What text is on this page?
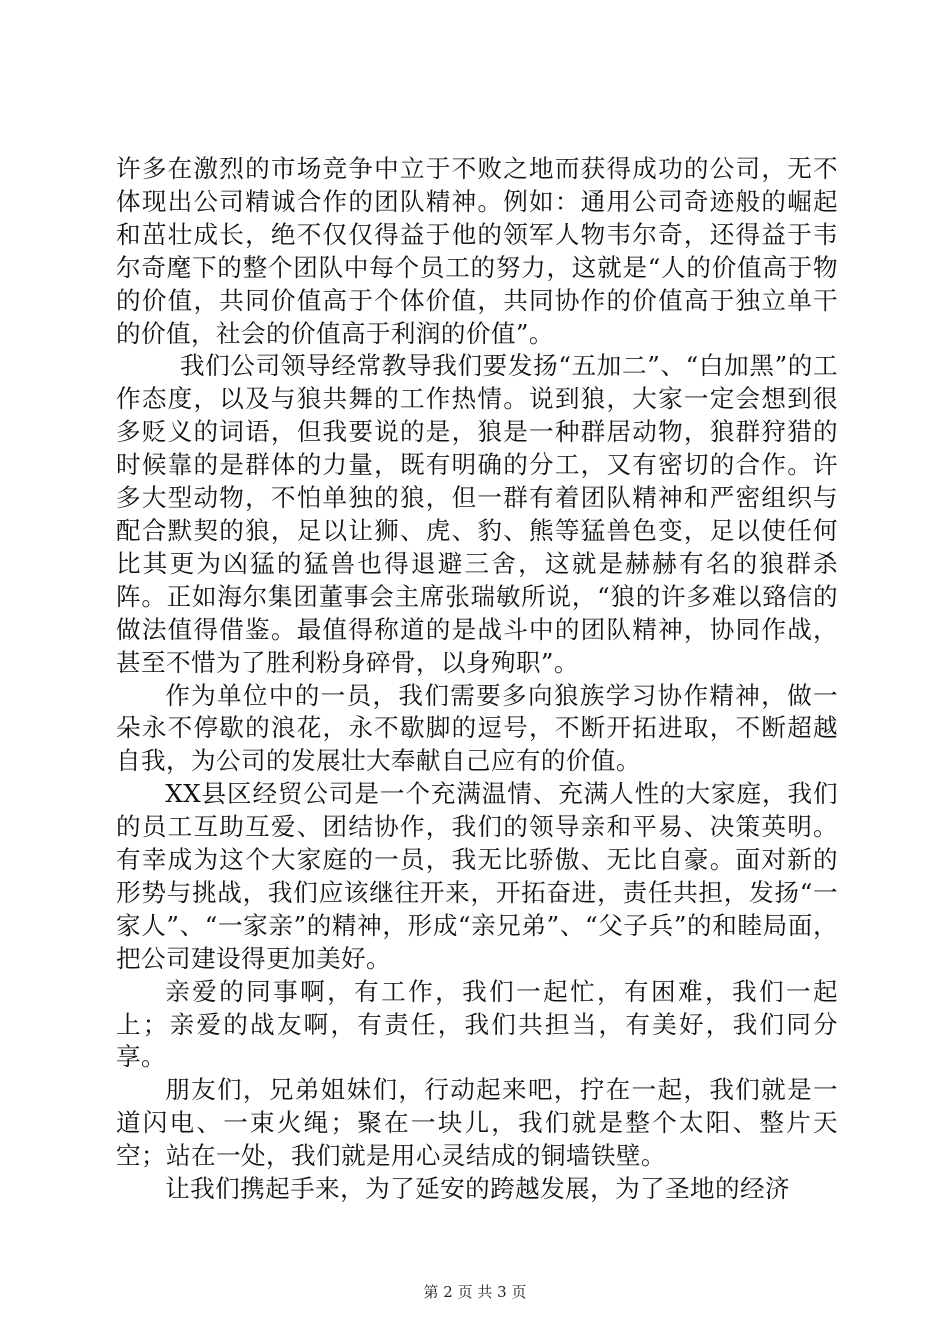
许多在激烈的市场竞争中立于不败之地而获得成功的公司，无不体现出公司精诚合作的团队精神。例如：通用公司奇迹般的崛起和茁壮成长，绝不仅仅得益于他的领军人物韦尔奇，还得益于韦尔奇麾下的整个团队中每个员工的努力，这就是“人的价值高于物的价值，共同价值高于个体价值，共同协作的价值高于独立单干的价值，社会的价值高于利润的价值”。

我们公司领导经常教导我们要发扬“五加二”、“白加黑”的工作态度，以及与狼共舞的工作热情。说到狼，大家一定会想到很多贬义的词语，但我要说的是，狼是一种群居动物，狼群狩猎的时候靠的是群体的力量，既有明确的分工，又有密切的合作。许多大型动物，不怕单独的狼，但一群有着团队精神和严密组织与配合默契的狼，足以让狮、虎、豹、熊等猛兽色变，足以使任何比其更为凶猛的猛兽也得退避三舍，这就是赫赫有名的狼群杀阵。正如海尔集团董事会主席张瑞敏所说，“狼的许多难以臵信的做法值得借鉴。最值得称道的是战斗中的团队精神，协同作战，甚至不惜为了胜利粉身碎骨，以身殉职”。

作为单位中的一员，我们需要多向狼族学习协作精神，做一朵永不停歇的浪花，永不歇脚的逗号，不断开拓进取，不断超越自我，为公司的发展壮大奉献自己应有的价值。

XX县区经贸公司是一个充满温情、充满人性的大家庭，我们的员工互助互爱、团结协作，我们的领导亲和平易、决策英明。有幸成为这个大家庭的一员，我无比骄傲、无比自豪。面对新的形势与挑战，我们应该继往开来，开拓奋进，责任共担，发扬“一家人”、“一家亲”的精神，形成“亲兄弟”、“父子兵”的和睦局面，把公司建设得更加美好。

亲爱的同事啊，有工作，我们一起忙，有困难，我们一起上；亲爱的战友啊，有责任，我们共担当，有美好，我们同分享。

朋友们，兄弟姐妹们，行动起来吧，拧在一起，我们就是一道闪电、一束火绳；聚在一块儿，我们就是整个太阳、整片天空；站在一处，我们就是用心灵结成的铜墙铁壁。

让我们携起手来，为了延安的跨越发展，为了圣地的经济

第 2 页 共 3 页
